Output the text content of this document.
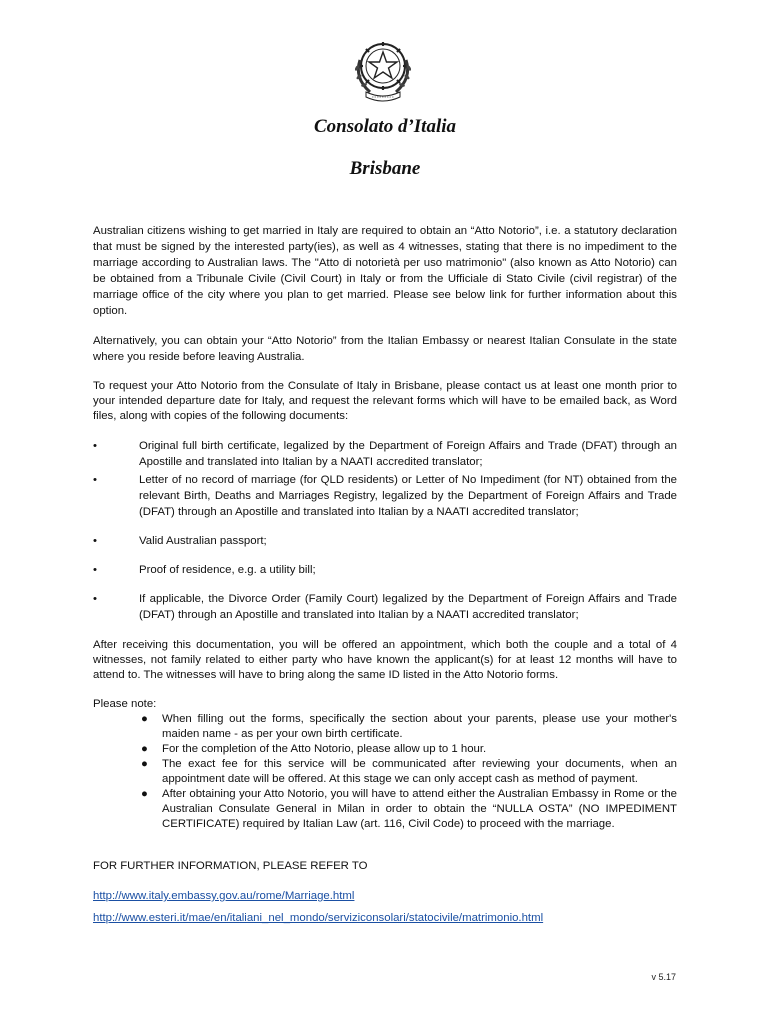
Consolato d’Italia
Brisbane

Australian citizens wishing to get married in Italy are required to obtain an “Atto Notorio”, i.e. a statutory declaration that must be signed by the interested party(ies), as well as 4 witnesses, stating that there is no impediment to the marriage according to Australian laws. The "Atto di notorietà per uso matrimonio" (also known as Atto Notorio) can be obtained from a Tribunale Civile (Civil Court) in Italy or from the Ufficiale di Stato Civile (civil registrar) of the marriage office of the city where you plan to get married. Please see below link for further information about this option.

Alternatively, you can obtain your “Atto Notorio” from the Italian Embassy or nearest Italian Consulate in the state where you reside before leaving Australia.

To request your Atto Notorio from the Consulate of Italy in Brisbane, please contact us at least one month prior to your intended departure date for Italy, and request the relevant forms which will have to be emailed back, as Word files, along with copies of the following documents:

•	Original full birth certificate, legalized by the Department of Foreign Affairs and Trade (DFAT) through an Apostille and translated into Italian by a NAATI accredited translator;
•	Letter of no record of marriage (for QLD residents) or Letter of No Impediment (for NT) obtained from the relevant Birth, Deaths and Marriages Registry, legalized by the Department of Foreign Affairs and Trade (DFAT) through an Apostille and translated into Italian by a NAATI accredited translator;
•	Valid Australian passport;
•	Proof of residence, e.g. a utility bill;
•	If applicable, the Divorce Order (Family Court) legalized by the Department of Foreign Affairs and Trade (DFAT) through an Apostille and translated into Italian by a NAATI accredited translator;

After receiving this documentation, you will be offered an appointment, which both the couple and a total of 4 witnesses, not family related to either party who have known the applicant(s) for at least 12 months will have to attend to. The witnesses will have to bring along the same ID listed in the Atto Notorio forms.

Please note:

● When filling out the forms, specifically the section about your parents, please use your mother's maiden name - as per your own birth certificate.
● For the completion of the Atto Notorio, please allow up to 1 hour.
● The exact fee for this service will be communicated after reviewing your documents, when an appointment date will be offered. At this stage we can only accept cash as method of payment.
● After obtaining your Atto Notorio, you will have to attend either the Australian Embassy in Rome or the Australian Consulate General in Milan in order to obtain the “NULLA OSTA” (NO IMPEDIMENT CERTIFICATE) required by Italian Law (art. 116, Civil Code) to proceed with the marriage.
FOR FURTHER INFORMATION, PLEASE REFER TO
http://www.italy.embassy.gov.au/rome/Marriage.html
http://www.esteri.it/mae/en/italiani_nel_mondo/serviziconsolari/statocivile/matrimonio.html
v 5.17
